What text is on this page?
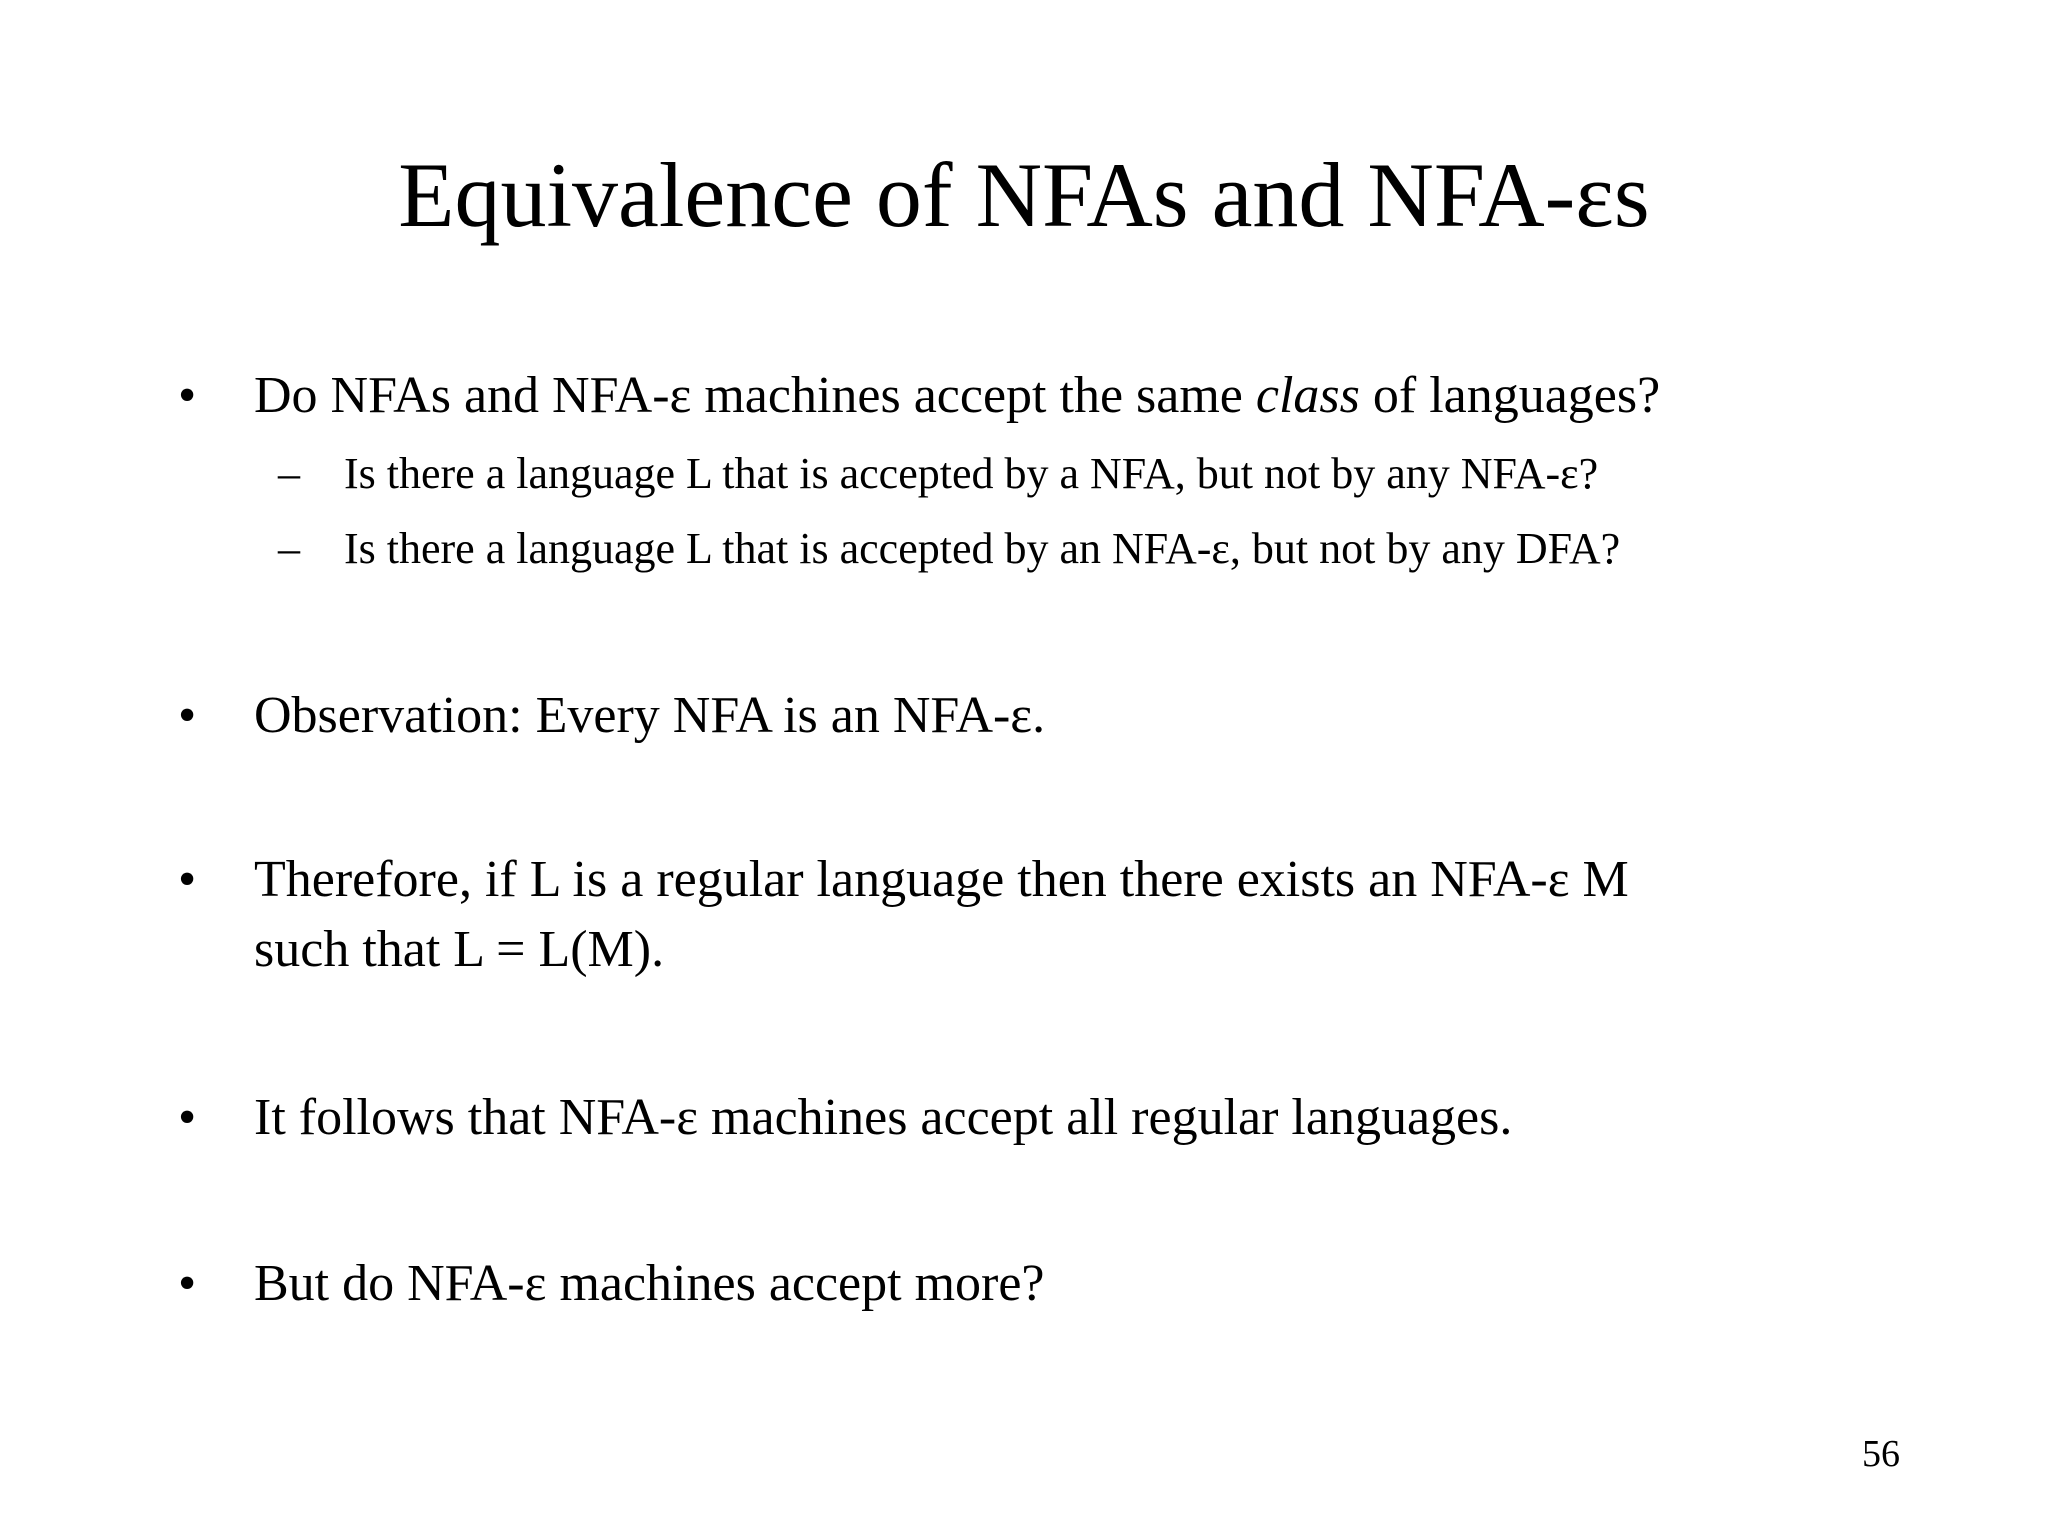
Equivalence of NFAs and NFA-εs
• Do NFAs and NFA-ε machines accept the same class of languages?
– Is there a language L that is accepted by a NFA, but not by any NFA-ε?
– Is there a language L that is accepted by an NFA-ε, but not by any DFA?
• Observation: Every NFA is an NFA-ε.
• Therefore, if L is a regular language then there exists an NFA-ε M
such that L = L(M).
• It follows that NFA-ε machines accept all regular languages.
• But do NFA-ε machines accept more?
56
